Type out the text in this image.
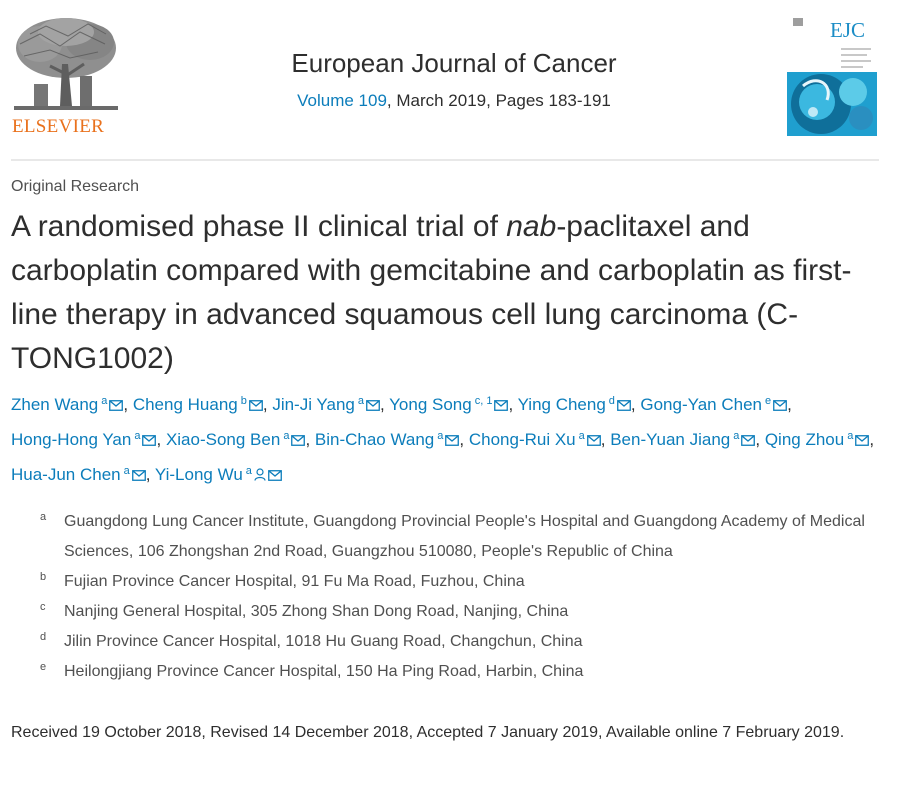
ELSEVIER
European Journal of Cancer
Volume 109, March 2019, Pages 183-191
EJC
Original Research
A randomised phase II clinical trial of nab-paclitaxel and carboplatin compared with gemcitabine and carboplatin as first-line therapy in advanced squamous cell lung carcinoma (C-TONG1002)
Zhen Wang $^a$ , Cheng Huang $^b$ , Jin-Ji Yang $^a$ , Yong Song $^{c, 1}$ , Ying Cheng $^d$ , Gong-Yan Chen $^e$ , Hong-Hong Yan $^a$ , Xiao-Song Ben $^a$ , Bin-Chao Wang $^a$ , Chong-Rui Xu $^a$ , Ben-Yuan Jiang $^a$ , Qing Zhou $^a$ , Hua-Jun Chen $^a$ , Yi-Long Wu $^a$
a	Guangdong Lung Cancer Institute, Guangdong Provincial People's Hospital and Guangdong Academy of Medical Sciences, 106 Zhongshan 2nd Road, Guangzhou 510080, People's Republic of China
b	Fujian Province Cancer Hospital, 91 Fu Ma Road, Fuzhou, China
c	Nanjing General Hospital, 305 Zhong Shan Dong Road, Nanjing, China
d	Jilin Province Cancer Hospital, 1018 Hu Guang Road, Changchun, China
e	Heilongjiang Province Cancer Hospital, 150 Ha Ping Road, Harbin, China
Received 19 October 2018, Revised 14 December 2018, Accepted 7 January 2019, Available online 7 February 2019.
